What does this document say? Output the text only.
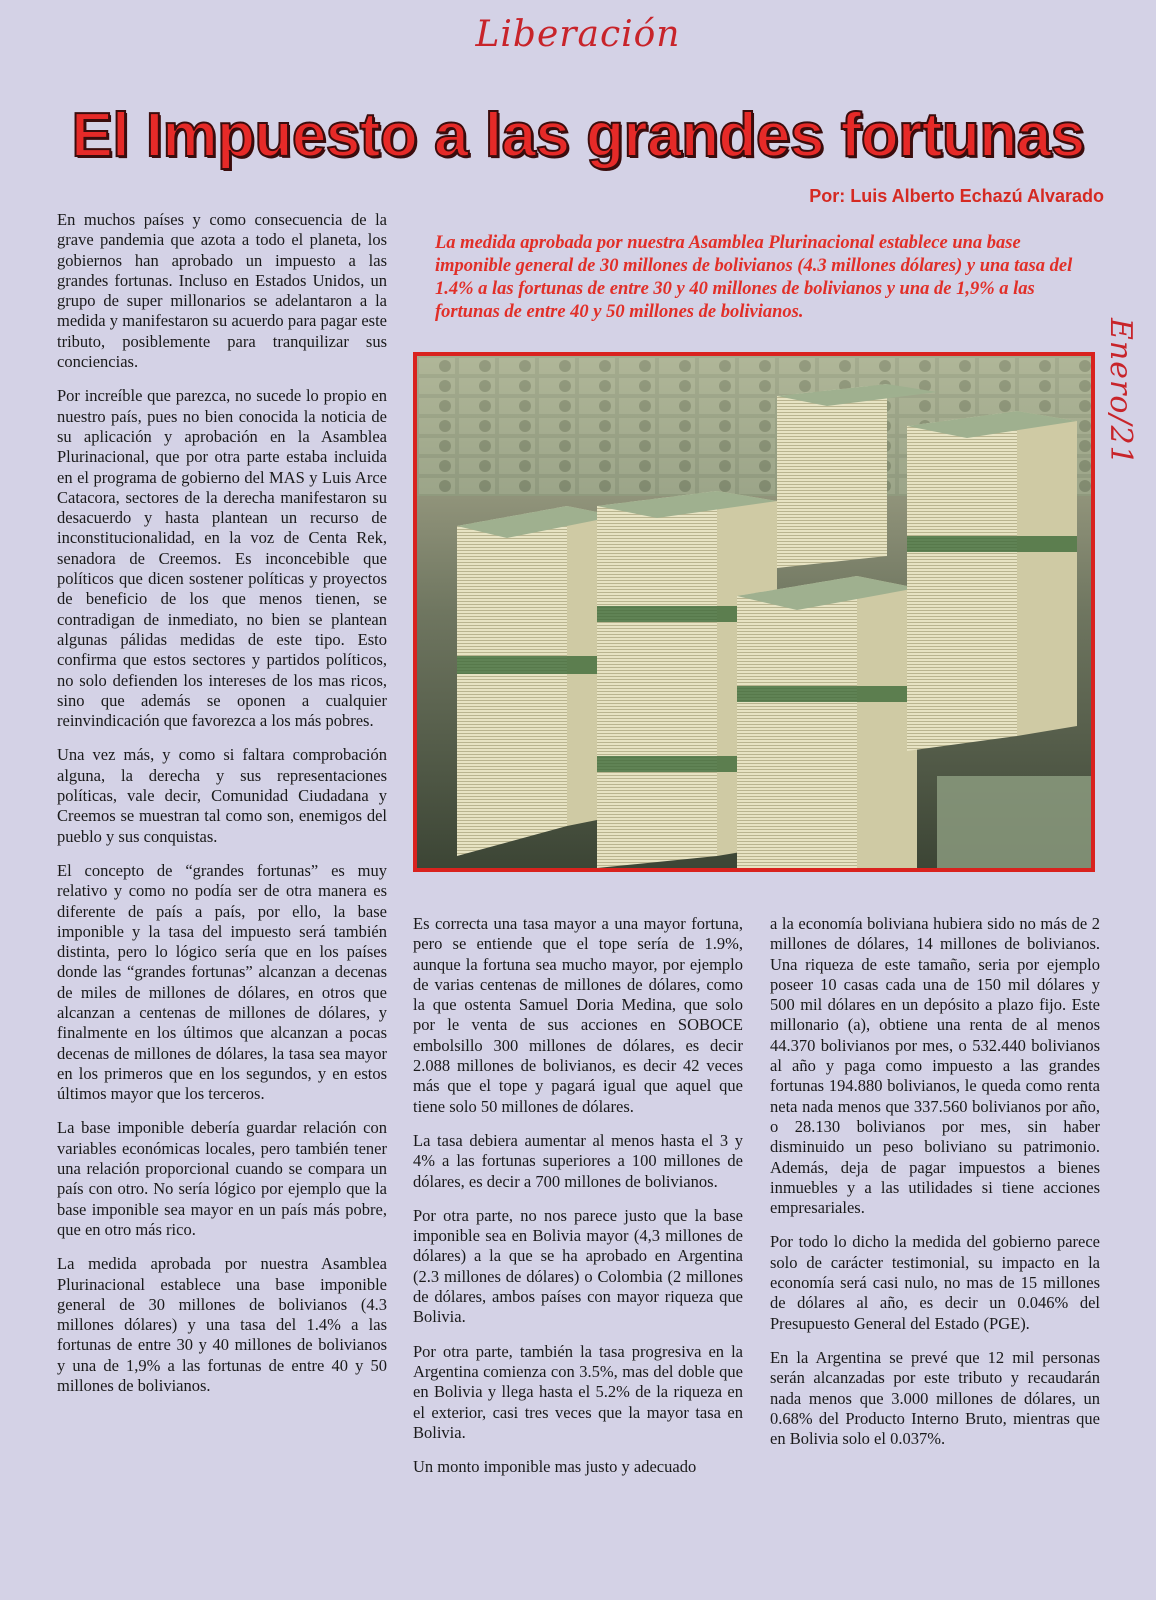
Liberación
El Impuesto a las grandes fortunas
Por: Luis Alberto Echazú Alvarado
La medida aprobada por nuestra Asamblea Plurinacional establece una base imponible general de 30 millones de bolivianos (4.3 millones dólares) y una tasa del 1.4% a las fortunas de entre 30 y 40 millones de bolivianos y una de 1,9% a las fortunas de entre 40 y 50 millones de bolivianos.
Enero/21

En muchos países y como consecuencia de la grave pandemia que azota a todo el planeta, los gobiernos han aprobado un impuesto a las grandes fortunas. Incluso en Estados Unidos, un grupo de super millonarios se adelantaron a la medida y manifestaron su acuerdo para pagar este tributo, posiblemente para tranquilizar sus conciencias.

Por increíble que parezca, no sucede lo propio en nuestro país, pues no bien conocida la noticia de su aplicación y aprobación en la Asamblea Plurinacional, que por otra parte estaba incluida en el programa de gobierno del MAS y Luis Arce Catacora, sectores de la derecha manifestaron su desacuerdo y hasta plantean un recurso de inconstitucionalidad, en la voz de Centa Rek, senadora de Creemos. Es inconcebible que políticos que dicen sostener políticas y proyectos de beneficio de los que menos tienen, se contradigan de inmediato, no bien se plantean algunas pálidas medidas de este tipo. Esto confirma que estos sectores y partidos políticos, no solo defienden los intereses de los mas ricos, sino que además se oponen a cualquier reinvindicación que favorezca a los más pobres.

Una vez más, y como si faltara comprobación alguna, la derecha y sus representaciones políticas, vale decir, Comunidad Ciudadana y Creemos se muestran tal como son, enemigos del pueblo y sus conquistas.

El concepto de “grandes fortunas” es muy relativo y como no podía ser de otra manera es diferente de país a país, por ello, la base imponible y la tasa del impuesto será también distinta, pero lo lógico sería que en los países donde las “grandes fortunas” alcanzan a decenas de miles de millones de dólares, en otros que alcanzan a centenas de millones de dólares, y finalmente en los últimos que alcanzan a pocas decenas de millones de dólares, la tasa sea mayor en los primeros que en los segundos, y en estos últimos mayor que los terceros.

La base imponible debería guardar relación con variables económicas locales, pero también tener una relación proporcional cuando se compara un país con otro. No sería lógico por ejemplo que la base imponible sea mayor en un país más pobre, que en otro más rico.

La medida aprobada por nuestra Asamblea Plurinacional establece una base imponible general de 30 millones de bolivianos (4.3 millones dólares) y una tasa del 1.4% a las fortunas de entre 30 y 40 millones de bolivianos y una de 1,9% a las fortunas de entre 40 y 50 millones de bolivianos.

Es correcta una tasa mayor a una mayor fortuna, pero se entiende que el tope sería de 1.9%, aunque la fortuna sea mucho mayor, por ejemplo de varias centenas de millones de dólares, como la que ostenta Samuel Doria Medina, que solo por le venta de sus acciones en SOBOCE embolsillo 300 millones de dólares, es decir 2.088 millones de bolivianos, es decir 42 veces más que el tope y pagará igual que aquel que tiene solo 50 millones de dólares.

La tasa debiera aumentar al menos hasta el 3 y 4% a las fortunas superiores a 100 millones de dólares, es decir a 700 millones de bolivianos.

Por otra parte, no nos parece justo que la base imponible sea en Bolivia mayor (4,3 millones de dólares) a la que se ha aprobado en Argentina (2.3 millones de dólares) o Colombia (2 millones de dólares, ambos países con mayor riqueza que Bolivia.

Por otra parte, también la tasa progresiva en la Argentina comienza con 3.5%, mas del doble que en Bolivia y llega hasta el 5.2% de la riqueza en el exterior, casi tres veces que la mayor tasa en Bolivia.

Un monto imponible mas justo y adecuado

a la economía boliviana hubiera sido no más de 2 millones de dólares, 14 millones de bolivianos. Una riqueza de este tamaño, seria por ejemplo poseer 10 casas cada una de 150 mil dólares y 500 mil dólares en un depósito a plazo fijo. Este millonario (a), obtiene una renta de al menos 44.370 bolivianos por mes, o 532.440 bolivianos al año y paga como impuesto a las grandes fortunas 194.880 bolivianos, le queda como renta neta nada menos que 337.560 bolivianos por año, o 28.130 bolivianos por mes, sin haber disminuido un peso boliviano su patrimonio. Además, deja de pagar impuestos a bienes inmuebles y a las utilidades si tiene acciones empresariales.

Por todo lo dicho la medida del gobierno parece solo de carácter testimonial, su impacto en la economía será casi nulo, no mas de 15 millones de dólares al año, es decir un 0.046% del Presupuesto General del Estado (PGE).

En la Argentina se prevé que 12 mil personas serán alcanzadas por este tributo y recaudarán nada menos que 3.000 millones de dólares, un 0.68% del Producto Interno Bruto, mientras que en Bolivia solo el 0.037%.
